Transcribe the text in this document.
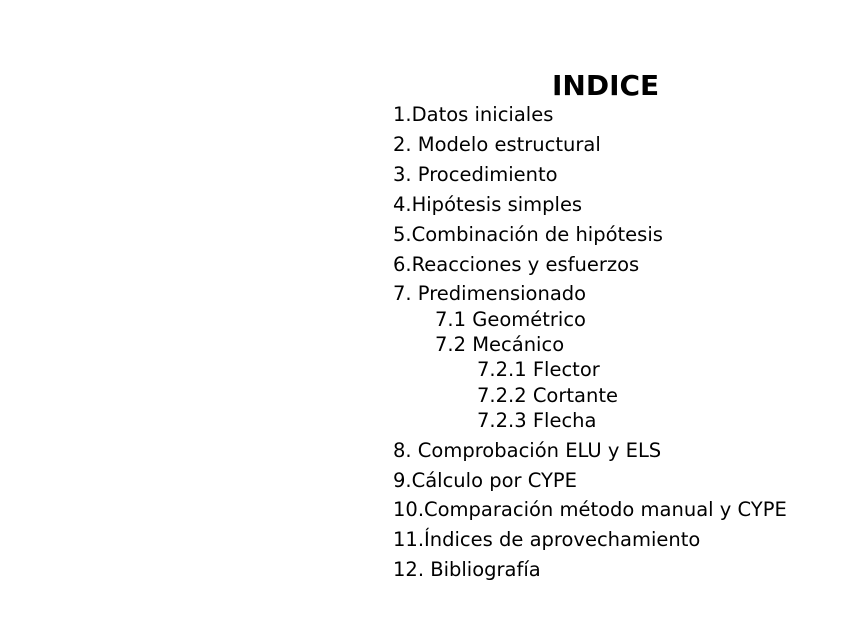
INDICE
1.Datos iniciales
2. Modelo estructural
3. Procedimiento
4.Hipótesis simples
5.Combinación de hipótesis
6.Reacciones y esfuerzos
7. Predimensionado
7.1 Geométrico
7.2 Mecánico
7.2.1 Flector
7.2.2 Cortante
7.2.3 Flecha
8. Comprobación ELU y ELS
9.Cálculo por CYPE
10.Comparación método manual y CYPE
11.Índices de aprovechamiento
12. Bibliografía
